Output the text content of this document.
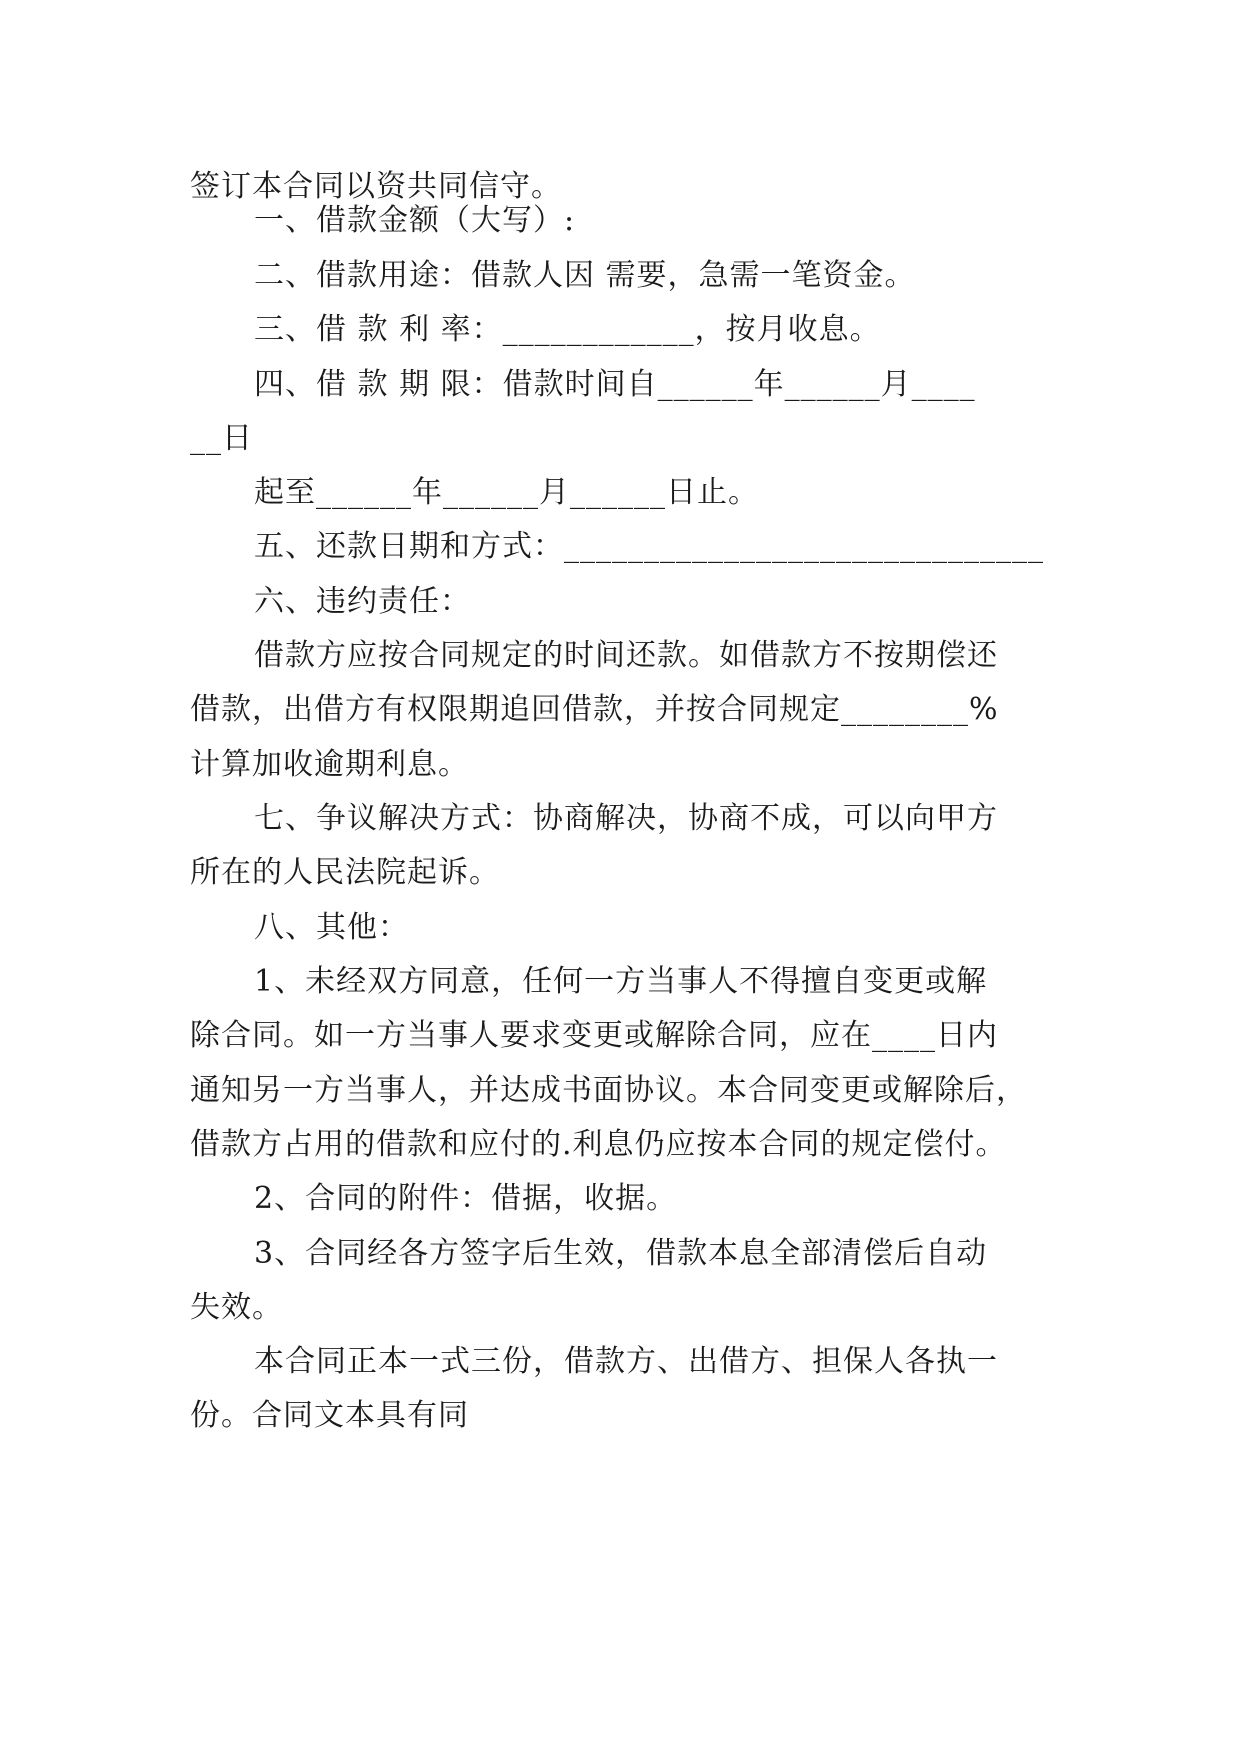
签订本合同以资共同信守。
一、借款金额（大写）:
二、借款用途：借款人因 需要，急需一笔资金。
三、借 款 利 率：____________，按月收息。
四、借 款 期 限：借款时间自______年______月____
__日
起至______年______月______日止。
五、还款日期和方式：______________________________
六、违约责任：
借款方应按合同规定的时间还款。如借款方不按期偿还
借款，出借方有权限期追回借款，并按合同规定________%
计算加收逾期利息。
七、争议解决方式：协商解决，协商不成，可以向甲方
所在的人民法院起诉。
八、其他：
1、未经双方同意，任何一方当事人不得擅自变更或解
除合同。如一方当事人要求变更或解除合同，应在____日内
通知另一方当事人，并达成书面协议。本合同变更或解除后，
借款方占用的借款和应付的.利息仍应按本合同的规定偿付。
2、合同的附件：借据，收据。
3、合同经各方签字后生效，借款本息全部清偿后自动
失效。
本合同正本一式三份，借款方、出借方、担保人各执一
份。合同文本具有同
